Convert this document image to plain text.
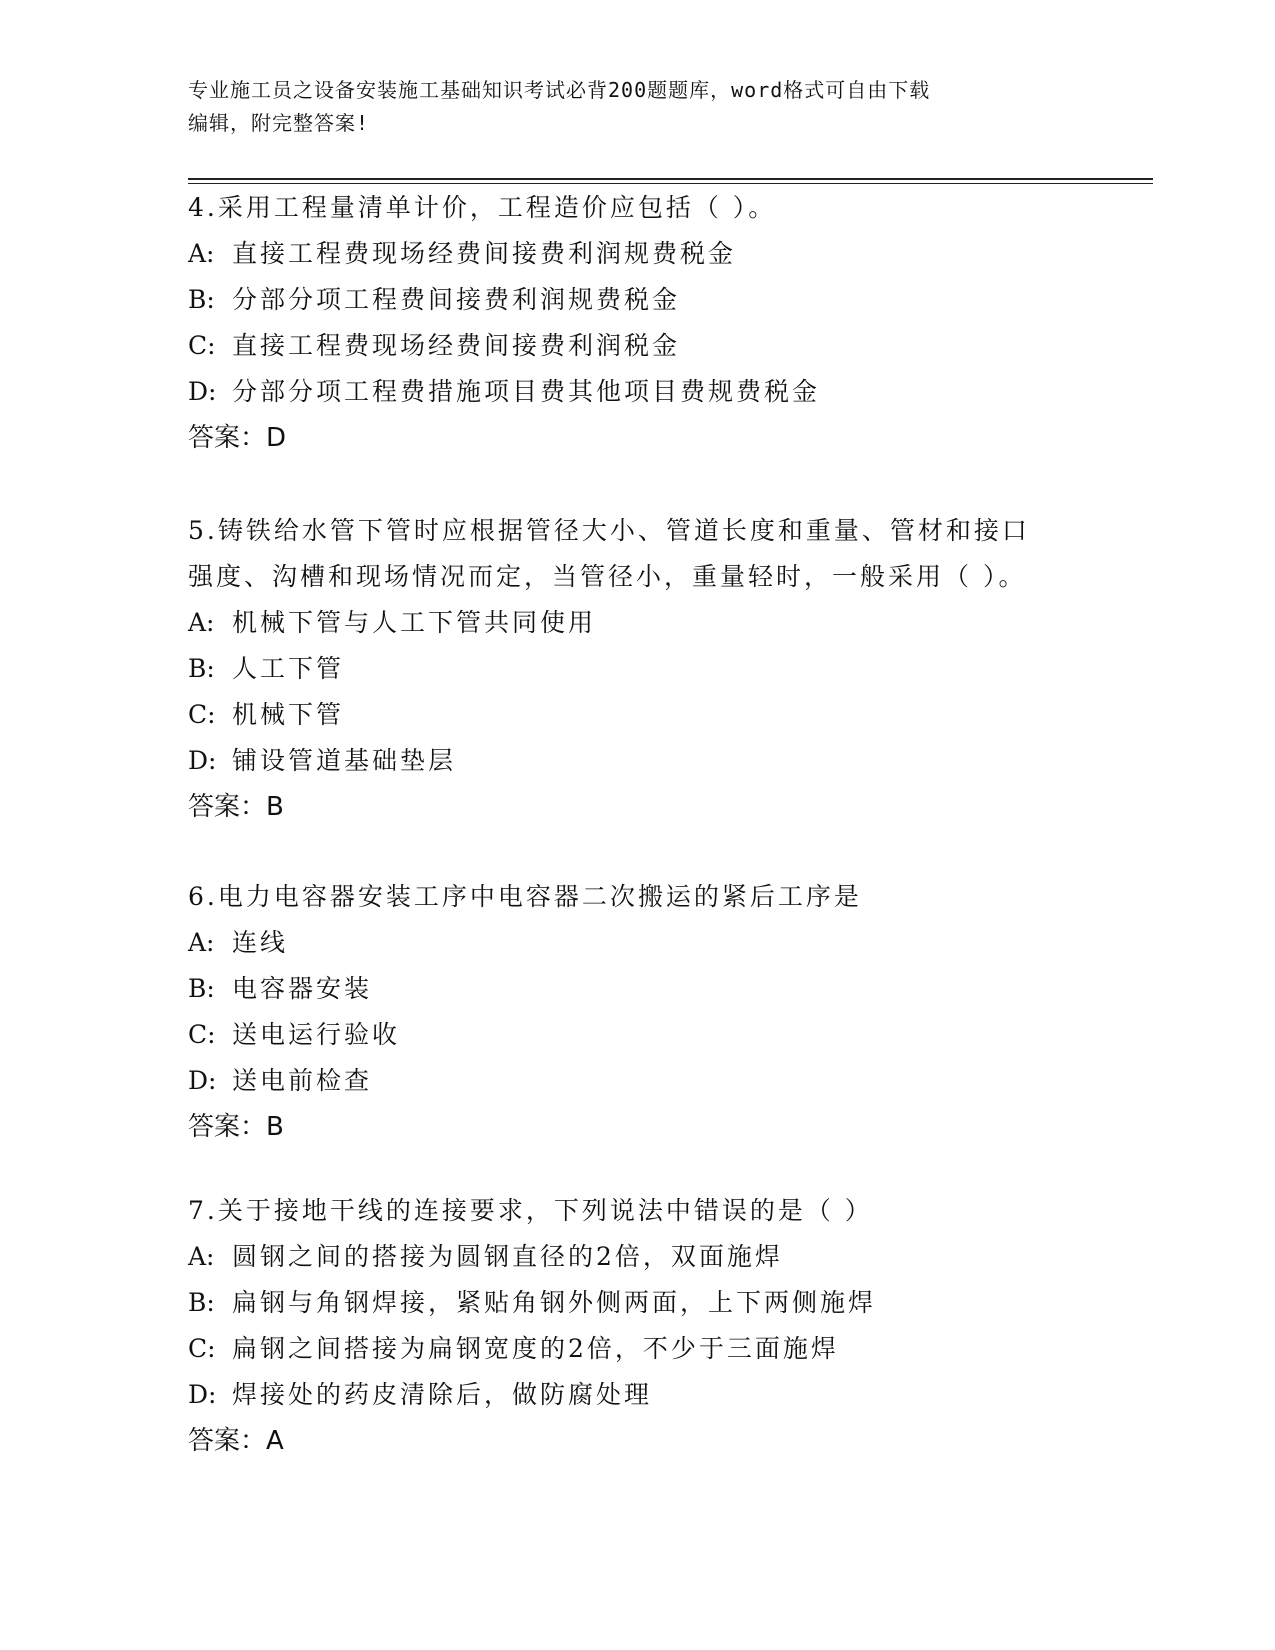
专业施工员之设备安装施工基础知识考试必背200题题库，word格式可自由下载
编辑，附完整答案!
4.采用工程量清单计价，工程造价应包括（ ）。
A: 直接工程费现场经费间接费利润规费税金
B: 分部分项工程费间接费利润规费税金
C: 直接工程费现场经费间接费利润税金
D: 分部分项工程费措施项目费其他项目费规费税金
答案：D
5.铸铁给水管下管时应根据管径大小、管道长度和重量、管材和接口
强度、沟槽和现场情况而定，当管径小，重量轻时，一般采用（ ）。
A: 机械下管与人工下管共同使用
B: 人工下管
C: 机械下管
D: 铺设管道基础垫层
答案：B
6.电力电容器安装工序中电容器二次搬运的紧后工序是
A: 连线
B: 电容器安装
C: 送电运行验收
D: 送电前检查
答案：B
7.关于接地干线的连接要求，下列说法中错误的是（ ）
A: 圆钢之间的搭接为圆钢直径的2倍，双面施焊
B: 扁钢与角钢焊接，紧贴角钢外侧两面，上下两侧施焊
C: 扁钢之间搭接为扁钢宽度的2倍，不少于三面施焊
D: 焊接处的药皮清除后，做防腐处理
答案：A
